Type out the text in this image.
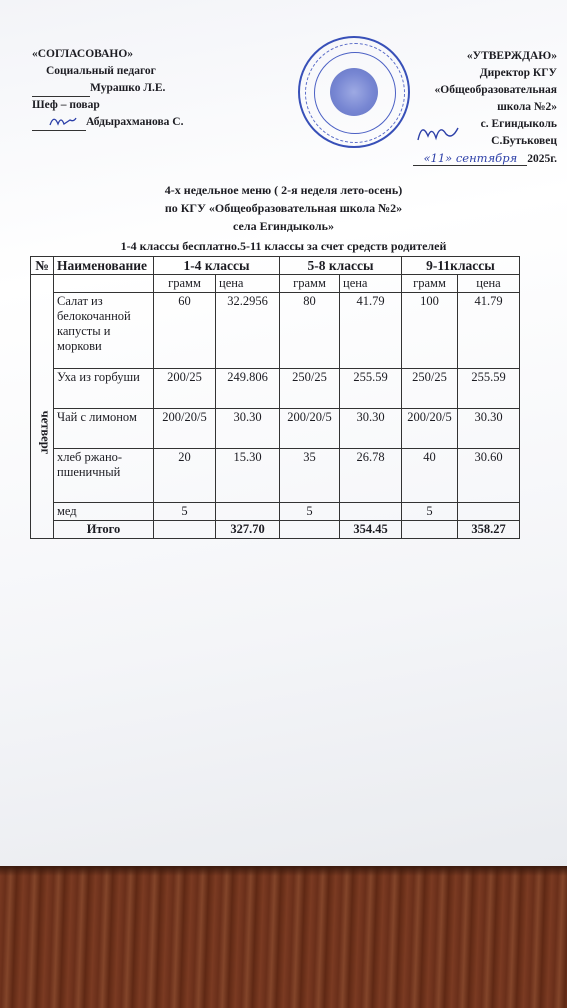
«СОГЛАСОВАНО»
Социальный педагог
Мурашко Л.Е.
Шеф – повар
Абдырахманова С.
«УТВЕРЖДАЮ»
Директор КГУ
«Общеобразовательная
школа №2»
с. Егиндыколь
С.Бутьковец
«11» сентября 2025г.
4-х недельное меню ( 2-я неделя лето-осень)
по КГУ «Общеобразовательная школа №2»
села Егиндыколь»
1-4 классы бесплатно.5-11 классы за счет средств родителей
№	Наименование	1-4 классы		5-8 классы		9-11классы	

четверг		грамм	цена	грамм	цена	грамм	цена
	Салат из белокочанной капусты и моркови	60	32.2956	80	41.79	100	41.79
	Уха из горбуши	200/25	249.806	250/25	255.59	250/25	255.59
	Чай с лимоном	200/20/5	30.30	200/20/5	30.30	200/20/5	30.30
	хлеб ржано-пшеничный	20	15.30	35	26.78	40	30.60
	мед	5		5		5	
	Итого		327.70		354.45		358.27
